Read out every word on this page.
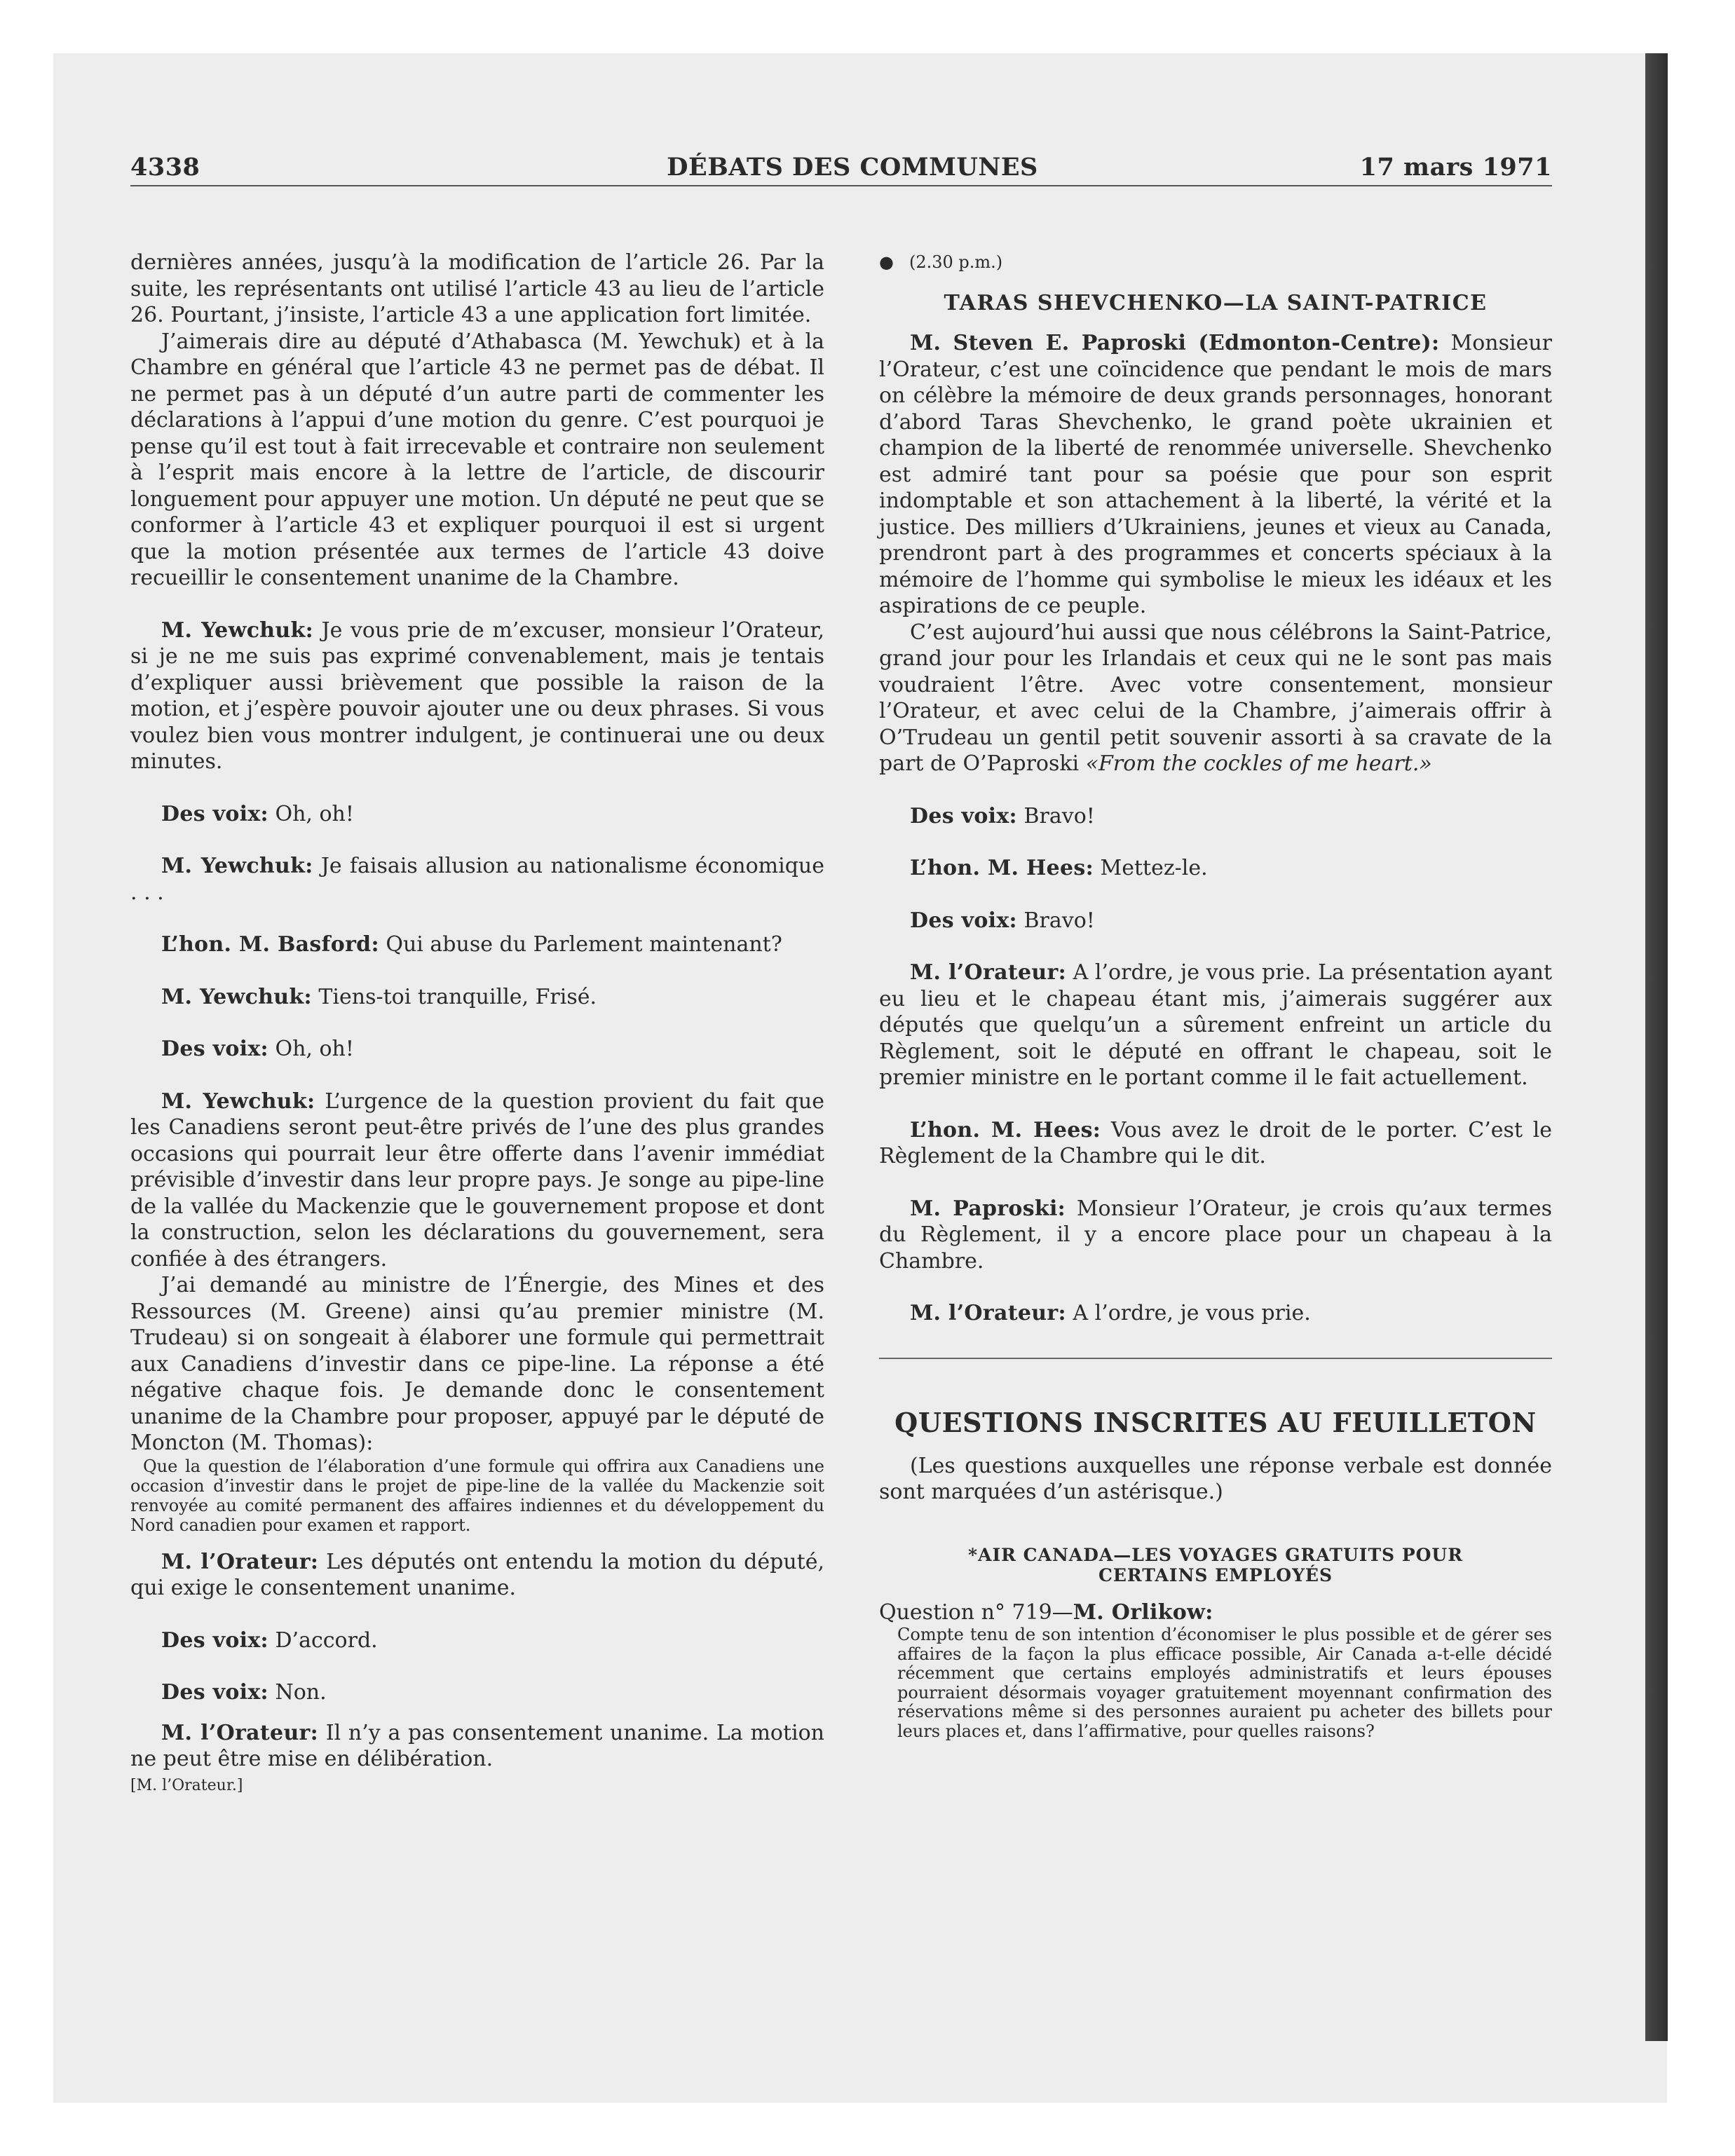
4338	DÉBATS DES COMMUNES	17 mars 1971

dernières années, jusqu’à la modification de l’article 26. Par la suite, les représentants ont utilisé l’article 43 au lieu de l’article 26. Pourtant, j’insiste, l’article 43 a une application fort limitée.

J’aimerais dire au député d’Athabasca (M. Yewchuk) et à la Chambre en général que l’article 43 ne permet pas de débat. Il ne permet pas à un député d’un autre parti de commenter les déclarations à l’appui d’une motion du genre. C’est pourquoi je pense qu’il est tout à fait irrecevable et contraire non seulement à l’esprit mais encore à la lettre de l’article, de discourir longuement pour appuyer une motion. Un député ne peut que se conformer à l’article 43 et expliquer pourquoi il est si urgent que la motion présentée aux termes de l’article 43 doive recueillir le consentement unanime de la Chambre.

M. Yewchuk: Je vous prie de m’excuser, monsieur l’Orateur, si je ne me suis pas exprimé convenablement, mais je tentais d’expliquer aussi brièvement que possible la raison de la motion, et j’espère pouvoir ajouter une ou deux phrases. Si vous voulez bien vous montrer indulgent, je continuerai une ou deux minutes.

Des voix: Oh, oh!

M. Yewchuk: Je faisais allusion au nationalisme économique . . .

L’hon. M. Basford: Qui abuse du Parlement maintenant?

M. Yewchuk: Tiens-toi tranquille, Frisé.

Des voix: Oh, oh!

M. Yewchuk: L’urgence de la question provient du fait que les Canadiens seront peut-être privés de l’une des plus grandes occasions qui pourrait leur être offerte dans l’avenir immédiat prévisible d’investir dans leur propre pays. Je songe au pipe-line de la vallée du Mackenzie que le gouvernement propose et dont la construction, selon les déclarations du gouvernement, sera confiée à des étrangers.

J’ai demandé au ministre de l’Énergie, des Mines et des Ressources (M. Greene) ainsi qu’au premier ministre (M. Trudeau) si on songeait à élaborer une formule qui permettrait aux Canadiens d’investir dans ce pipe-line. La réponse a été négative chaque fois. Je demande donc le consentement unanime de la Chambre pour proposer, appuyé par le député de Moncton (M. Thomas):

Que la question de l’élaboration d’une formule qui offrira aux Canadiens une occasion d’investir dans le projet de pipe-line de la vallée du Mackenzie soit renvoyée au comité permanent des affaires indiennes et du développement du Nord canadien pour examen et rapport.

M. l’Orateur: Les députés ont entendu la motion du député, qui exige le consentement unanime.

Des voix: D’accord.

Des voix: Non.

M. l’Orateur: Il n’y a pas consentement unanime. La motion ne peut être mise en délibération.

[M. l’Orateur.]

● (2.30 p.m.)

TARAS SHEVCHENKO—LA SAINT-PATRICE

M. Steven E. Paproski (Edmonton-Centre): Monsieur l’Orateur, c’est une coïncidence que pendant le mois de mars on célèbre la mémoire de deux grands personnages, honorant d’abord Taras Shevchenko, le grand poète ukrainien et champion de la liberté de renommée universelle. Shevchenko est admiré tant pour sa poésie que pour son esprit indomptable et son attachement à la liberté, la vérité et la justice. Des milliers d’Ukrainiens, jeunes et vieux au Canada, prendront part à des programmes et concerts spéciaux à la mémoire de l’homme qui symbolise le mieux les idéaux et les aspirations de ce peuple.

C’est aujourd’hui aussi que nous célébrons la Saint-Patrice, grand jour pour les Irlandais et ceux qui ne le sont pas mais voudraient l’être. Avec votre consentement, monsieur l’Orateur, et avec celui de la Chambre, j’aimerais offrir à O’Trudeau un gentil petit souvenir assorti à sa cravate de la part de O’Paproski «From the cockles of me heart.»

Des voix: Bravo!

L’hon. M. Hees: Mettez-le.

Des voix: Bravo!

M. l’Orateur: A l’ordre, je vous prie. La présentation ayant eu lieu et le chapeau étant mis, j’aimerais suggérer aux députés que quelqu’un a sûrement enfreint un article du Règlement, soit le député en offrant le chapeau, soit le premier ministre en le portant comme il le fait actuellement.

L’hon. M. Hees: Vous avez le droit de le porter. C’est le Règlement de la Chambre qui le dit.

M. Paproski: Monsieur l’Orateur, je crois qu’aux termes du Règlement, il y a encore place pour un chapeau à la Chambre.

M. l’Orateur: A l’ordre, je vous prie.

QUESTIONS INSCRITES AU FEUILLETON

(Les questions auxquelles une réponse verbale est donnée sont marquées d’un astérisque.)

*AIR CANADA—LES VOYAGES GRATUITS POUR
CERTAINS EMPLOYÉS

Question n° 719—M. Orlikow:

Compte tenu de son intention d’économiser le plus possible et de gérer ses affaires de la façon la plus efficace possible, Air Canada a-t-elle décidé récemment que certains employés administratifs et leurs épouses pourraient désormais voyager gratuitement moyennant confirmation des réservations même si des personnes auraient pu acheter des billets pour leurs places et, dans l’affirmative, pour quelles raisons?
